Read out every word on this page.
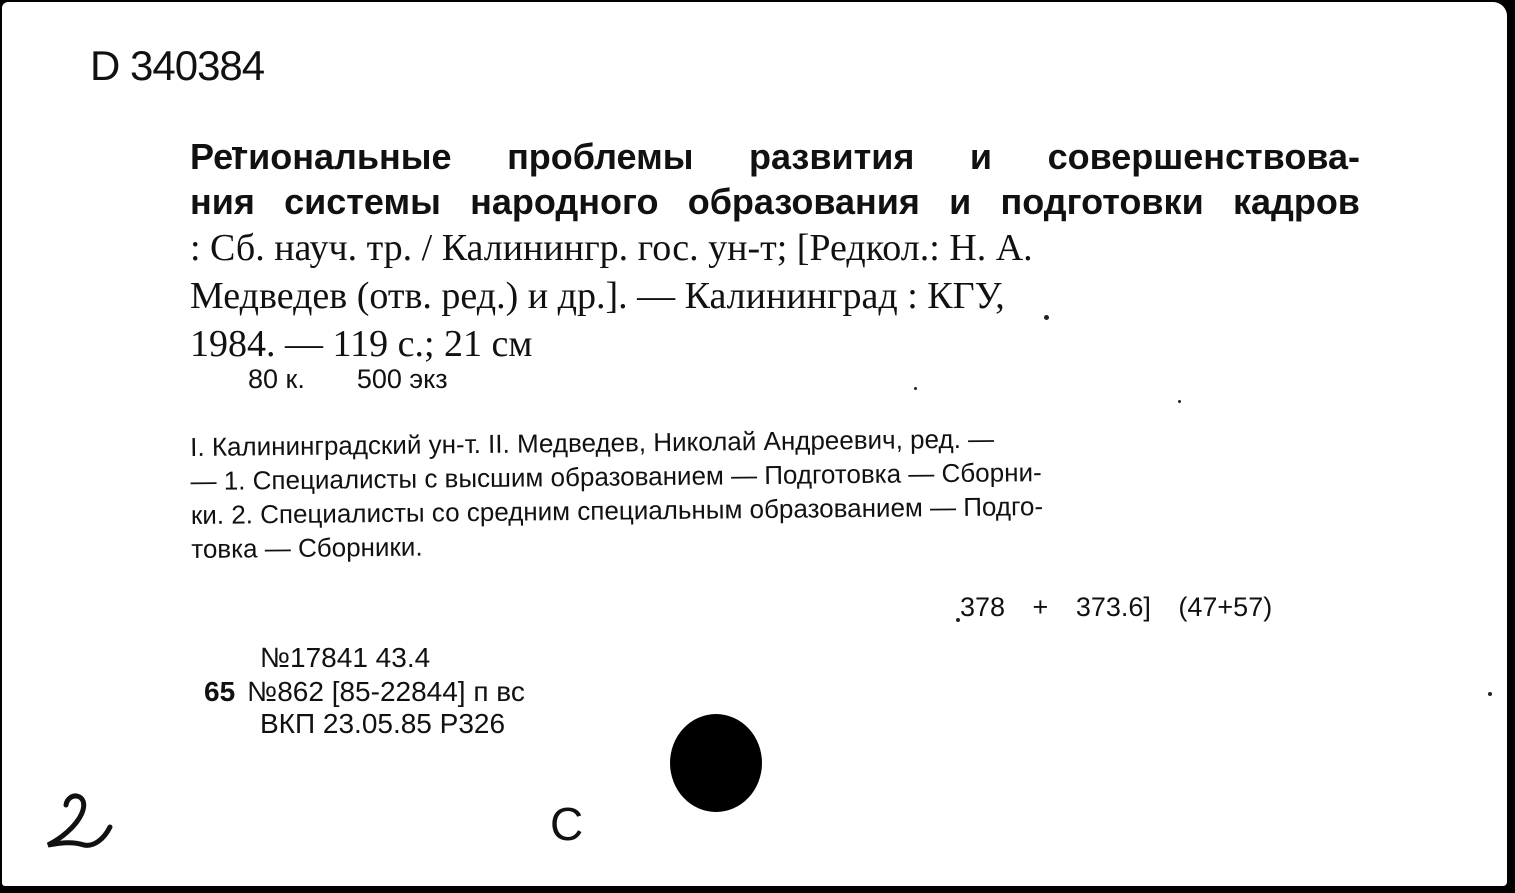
D 340384
Региональные проблемы развития и совершенствова-
ния системы народного образования и подготовки кадров
: Сб. науч. тр. / Калинингр. гос. ун-т; [Редкол.: Н. А.
Медведев (отв. ред.) и др.]. — Калининград : КГУ,
1984. — 119 с.; 21 см
80 к. 500 экз
I. Калининградский ун-т. II. Медведев, Николай Андреевич, ред. —
— 1. Специалисты с высшим образованием — Подготовка — Сборни-
ки. 2. Специалисты со средним специальным образованием — Подго-
товка — Сборники.
378 + 373.6] (47+57)
№17841 43.4
65 №862 [85-22844] п вс
ВКП 23.05.85 Р326
С
